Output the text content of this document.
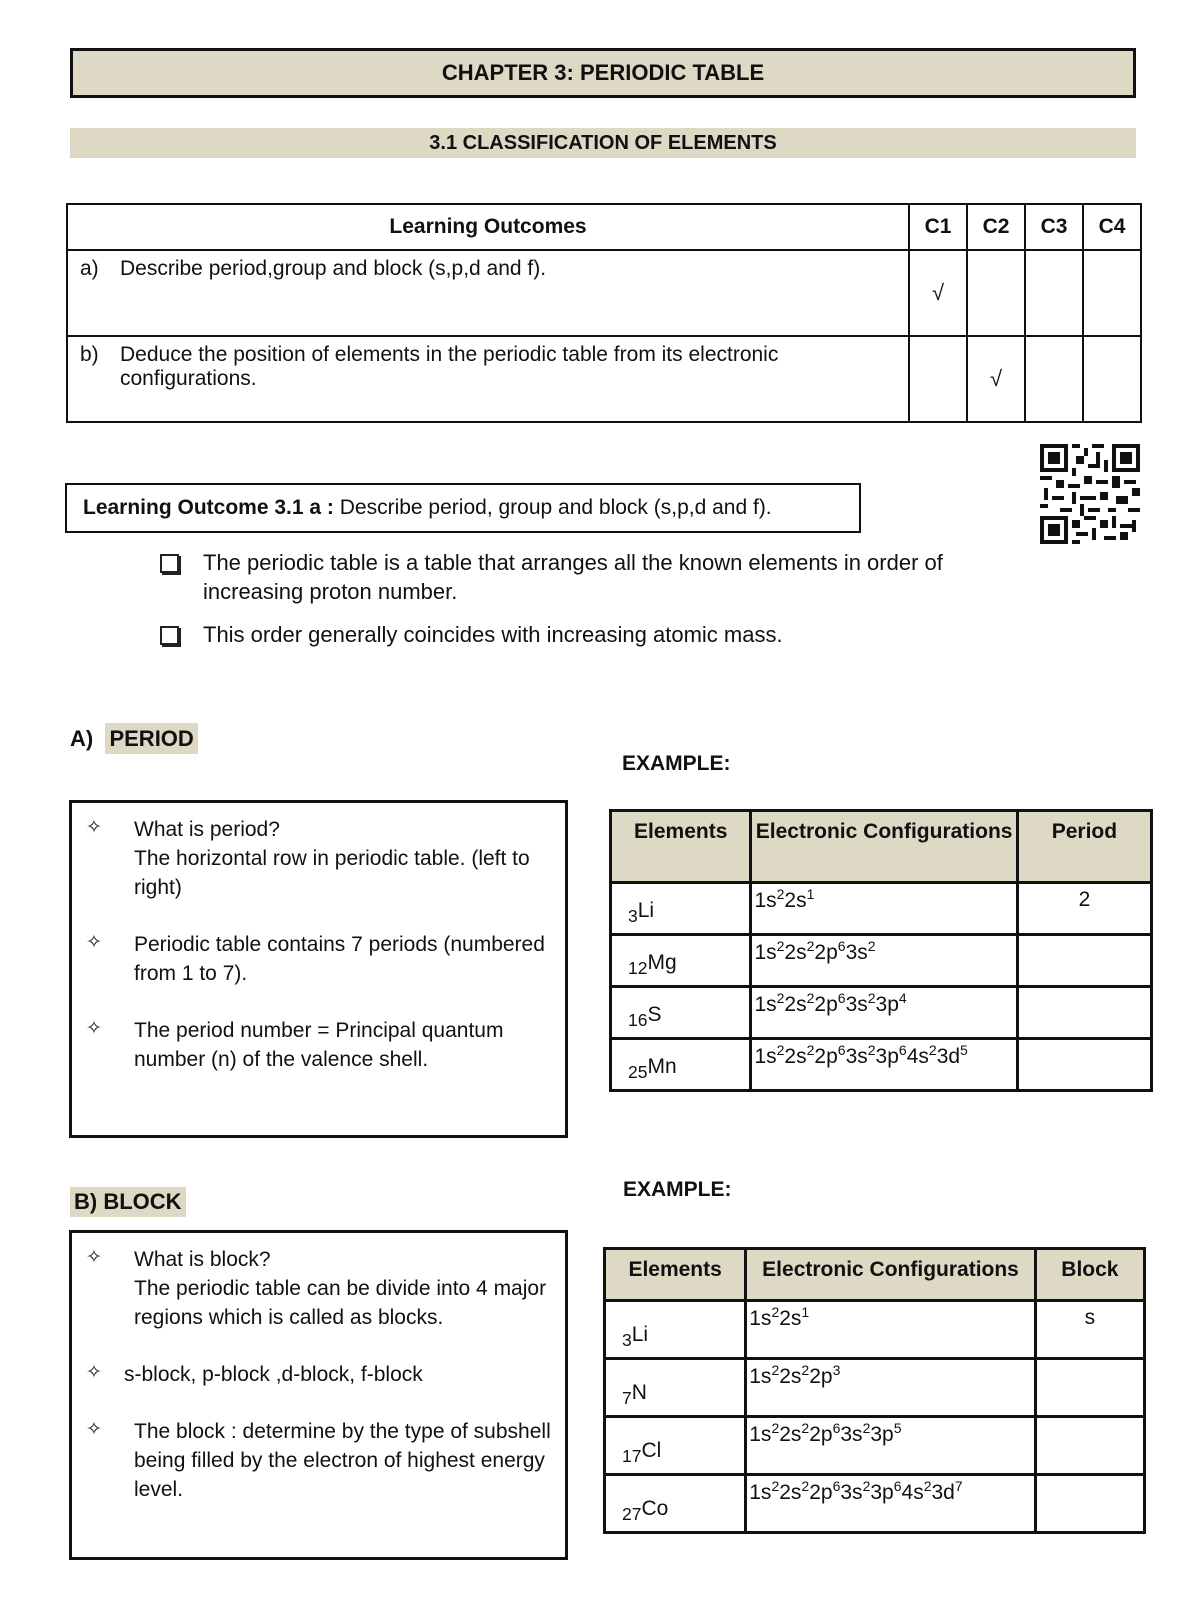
CHAPTER 3: PERIODIC TABLE
3.1 CLASSIFICATION OF ELEMENTS
Learning Outcomes	C1	C2	C3	C4

a) Describe period,group and block (s,p,d and f).	√			

b) Deduce the position of elements in the periodic table from its electronic configurations.		√		
Learning Outcome 3.1 a : Describe period, group and block (s,p,d and f).
The periodic table is a table that arranges all the known elements in order of increasing proton number.
This order generally coincides with increasing atomic mass.
A) PERIOD
EXAMPLE:
✧	What is period?
The horizontal row in periodic table. (left to right)
✧	Periodic table contains 7 periods (numbered from 1 to 7).
✧	The period number = Principal quantum number (n) of the valence shell.
Elements	Electronic Configurations	Period
$_3$Li	$1s^22s^1$	2
$_{12}$Mg	$1s^22s^22p^63s^2$	
$_{16}$S	$1s^22s^22p^63s^23p^4$	
$_{25}$Mn	$1s^22s^22p^63s^23p^64s^23d^5$	
B) BLOCK	EXAMPLE:
✧	What is block?
The periodic table can be divide into 4 major regions which is called as blocks.
✧	s-block, p-block ,d-block, f-block
✧	The block : determine by the type of subshell being filled by the electron of highest energy level.
Elements	Electronic Configurations	Block
$_3$Li	$1s^22s^1$	s
$_7$N	$1s^22s^22p^3$	
$_{17}$Cl	$1s^22s^22p^63s^23p^5$	
$_{27}$Co	$1s^22s^22p^63s^23p^64s^23d^7$	
